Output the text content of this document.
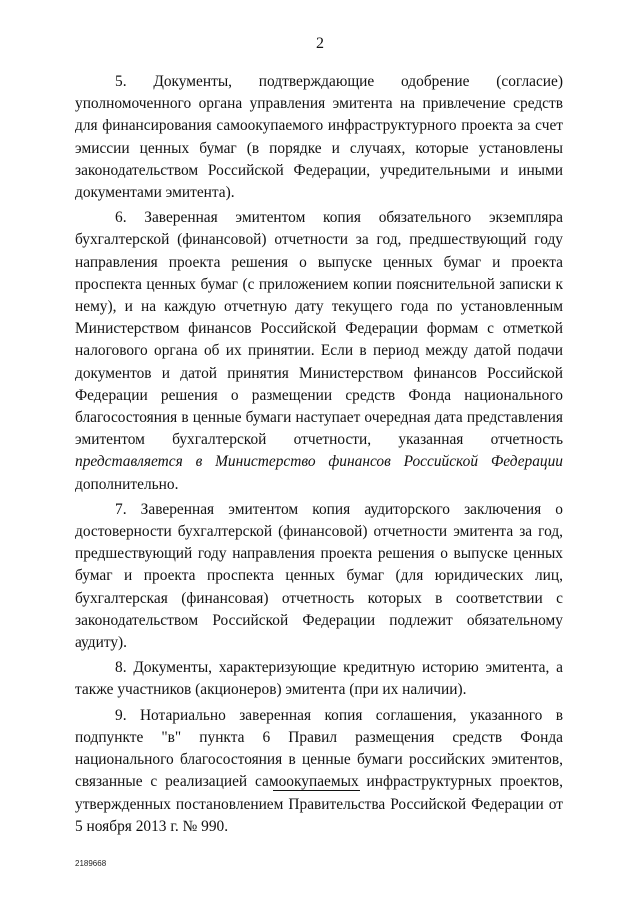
2

5. Документы, подтверждающие одобрение (согласие) уполномоченного органа управления эмитента на привлечение средств для финансирования самоокупаемого инфраструктурного проекта за счет эмиссии ценных бумаг (в порядке и случаях, которые установлены законодательством Российской Федерации, учредительными и иными документами эмитента).

6. Заверенная эмитентом копия обязательного экземпляра бухгалтерской (финансовой) отчетности за год, предшествующий году направления проекта решения о выпуске ценных бумаг и проекта проспекта ценных бумаг (с приложением копии пояснительной записки к нему), и на каждую отчетную дату текущего года по установленным Министерством финансов Российской Федерации формам с отметкой налогового органа об их принятии. Если в период между датой подачи документов и датой принятия Министерством финансов Российской Федерации решения о размещении средств Фонда национального благосостояния в ценные бумаги наступает очередная дата представления эмитентом бухгалтерской отчетности, указанная отчетность представляется в Министерство финансов Российской Федерации дополнительно.

7. Заверенная эмитентом копия аудиторского заключения о достоверности бухгалтерской (финансовой) отчетности эмитента за год, предшествующий году направления проекта решения о выпуске ценных бумаг и проекта проспекта ценных бумаг (для юридических лиц, бухгалтерская (финансовая) отчетность которых в соответствии с законодательством Российской Федерации подлежит обязательному аудиту).

8. Документы, характеризующие кредитную историю эмитента, а также участников (акционеров) эмитента (при их наличии).

9. Нотариально заверенная копия соглашения, указанного в подпункте "в" пункта 6 Правил размещения средств Фонда национального благосостояния в ценные бумаги российских эмитентов, связанные с реализацией самоокупаемых инфраструктурных проектов, утвержденных постановлением Правительства Российской Федерации от 5 ноября 2013 г. № 990.

2189668
